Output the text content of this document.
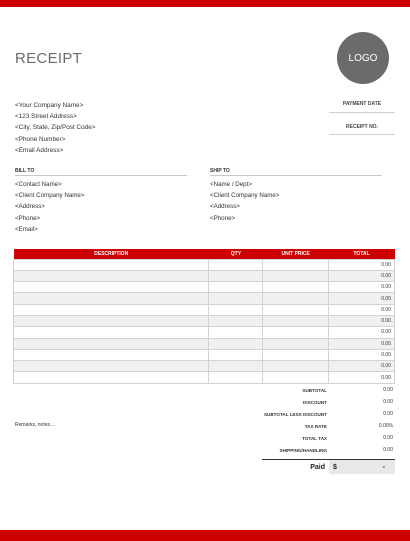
RECEIPT	LOGO
<Your Company Name>
<123 Street Address>
<City, State, Zip/Post Code>
<Phone Number>
<Email Address>
PAYMENT DATE
RECEIPT NO.
BILL TO
<Contact Name>
<Client Company Name>
<Address>
<Phone>
<Email>
SHIP TO
<Name / Dept>
<Client Company Name>
<Address>
<Phone>
DESCRIPTION	QTY	UNIT PRICE	TOTAL
			0.00
			0.00
			0.00
			0.00
			0.00
			0.00
			0.00
			0.00
			0.00
			0.00
			0.00
Remarks, notes....
SUBTOTAL	0.00
DISCOUNT	0.00
SUBTOTAL LESS DISCOUNT	0.00
TAX RATE	0.00%
TOTAL TAX	0.00
SHIPPING/HANDLING	0.00
Paid	$	-
